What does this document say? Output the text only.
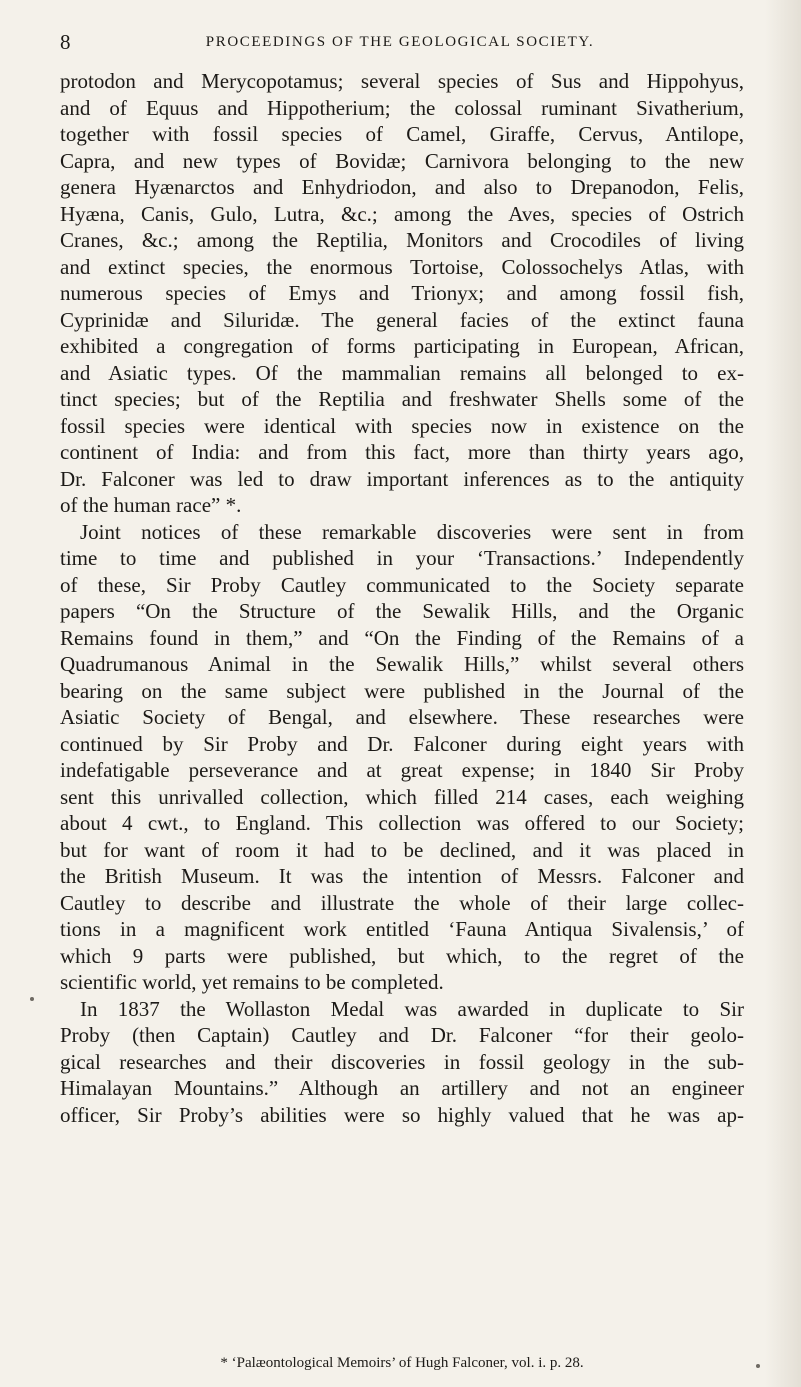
8	PROCEEDINGS OF THE GEOLOGICAL SOCIETY.
protodon and Merycopotamus; several species of Sus and Hippohyus,
and of Equus and Hippotherium; the colossal ruminant Sivatherium,
together with fossil species of Camel, Giraffe, Cervus, Antilope,
Capra, and new types of Bovidæ; Carnivora belonging to the new
genera Hyænarctos and Enhydriodon, and also to Drepanodon, Felis,
Hyæna, Canis, Gulo, Lutra, &c.; among the Aves, species of Ostrich
Cranes, &c.; among the Reptilia, Monitors and Crocodiles of living
and extinct species, the enormous Tortoise, Colossochelys Atlas, with
numerous species of Emys and Trionyx; and among fossil fish,
Cyprinidæ and Siluridæ. The general facies of the extinct fauna
exhibited a congregation of forms participating in European, African,
and Asiatic types. Of the mammalian remains all belonged to ex-
tinct species; but of the Reptilia and freshwater Shells some of the
fossil species were identical with species now in existence on the
continent of India: and from this fact, more than thirty years ago,
Dr. Falconer was led to draw important inferences as to the antiquity
of the human race” *.
Joint notices of these remarkable discoveries were sent in from
time to time and published in your ‘Transactions.’ Independently
of these, Sir Proby Cautley communicated to the Society separate
papers “On the Structure of the Sewalik Hills, and the Organic
Remains found in them,” and “On the Finding of the Remains of a
Quadrumanous Animal in the Sewalik Hills,” whilst several others
bearing on the same subject were published in the Journal of the
Asiatic Society of Bengal, and elsewhere. These researches were
continued by Sir Proby and Dr. Falconer during eight years with
indefatigable perseverance and at great expense; in 1840 Sir Proby
sent this unrivalled collection, which filled 214 cases, each weighing
about 4 cwt., to England. This collection was offered to our Society;
but for want of room it had to be declined, and it was placed in
the British Museum. It was the intention of Messrs. Falconer and
Cautley to describe and illustrate the whole of their large collec-
tions in a magnificent work entitled ‘Fauna Antiqua Sivalensis,’ of
which 9 parts were published, but which, to the regret of the
scientific world, yet remains to be completed.
In 1837 the Wollaston Medal was awarded in duplicate to Sir
Proby (then Captain) Cautley and Dr. Falconer “for their geolo-
gical researches and their discoveries in fossil geology in the sub-
Himalayan Mountains.” Although an artillery and not an engineer
officer, Sir Proby’s abilities were so highly valued that he was ap-
* ‘Palæontological Memoirs’ of Hugh Falconer, vol. i. p. 28.
